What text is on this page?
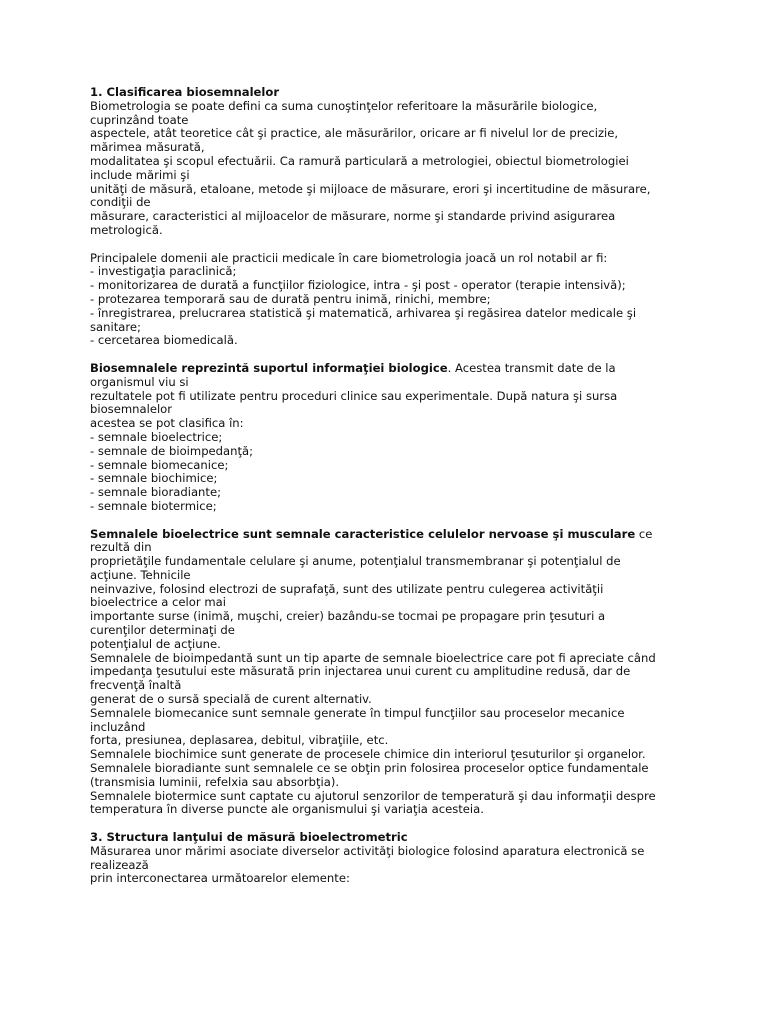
1. Clasificarea biosemnalelor
Biometrologia se poate defini ca suma cunoştinţelor referitoare la măsurările biologice,
cuprinzând toate
aspectele, atât teoretice cât şi practice, ale măsurărilor, oricare ar fi nivelul lor de precizie,
mărimea măsurată,
modalitatea şi scopul efectuării. Ca ramură particulară a metrologiei, obiectul biometrologiei
include mărimi şi
unităţi de măsură, etaloane, metode şi mijloace de măsurare, erori şi incertitudine de măsurare,
condiţii de
măsurare, caracteristici al mijloacelor de măsurare, norme şi standarde privind asigurarea
metrologică.
Principalele domenii ale practicii medicale în care biometrologia joacă un rol notabil ar fi:
- investigaţia paraclinică;
- monitorizarea de durată a funcţiilor fiziologice, intra - şi post - operator (terapie intensivă);
- protezarea temporară sau de durată pentru inimă, rinichi, membre;
- înregistrarea, prelucrarea statistică şi matematică, arhivarea şi regăsirea datelor medicale şi
sanitare;
- cercetarea biomedicală.
Biosemnalele reprezintă suportul informaţiei biologice. Acestea transmit date de la
organismul viu si
rezultatele pot fi utilizate pentru proceduri clinice sau experimentale. După natura şi sursa
biosemnalelor
acestea se pot clasifica în:
- semnale bioelectrice;
- semnale de bioimpedanţă;
- semnale biomecanice;
- semnale biochimice;
- semnale bioradiante;
- semnale biotermice;
Semnalele bioelectrice sunt semnale caracteristice celulelor nervoase şi musculare ce
rezultă din
proprietăţile fundamentale celulare şi anume, potenţialul transmembranar şi potenţialul de
acţiune. Tehnicile
neinvazive, folosind electrozi de suprafaţă, sunt des utilizate pentru culegerea activităţii
bioelectrice a celor mai
importante surse (inimă, muşchi, creier) bazându-se tocmai pe propagare prin ţesuturi a
curenţilor determinaţi de
potenţialul de acţiune.
Semnalele de bioimpedantă sunt un tip aparte de semnale bioelectrice care pot fi apreciate când
impedanţa ţesutului este măsurată prin injectarea unui curent cu amplitudine redusă, dar de
frecvenţă înaltă
generat de o sursă specială de curent alternativ.
Semnalele biomecanice sunt semnale generate în timpul funcţiilor sau proceselor mecanice
incluzând
forta, presiunea, deplasarea, debitul, vibraţiile, etc.
Semnalele biochimice sunt generate de procesele chimice din interiorul ţesuturilor şi organelor.
Semnalele bioradiante sunt semnalele ce se obţin prin folosirea proceselor optice fundamentale
(transmisia luminii, refelxia sau absorbţia).
Semnalele biotermice sunt captate cu ajutorul senzorilor de temperatură şi dau informaţii despre
temperatura în diverse puncte ale organismului şi variaţia acesteia.
3. Structura lanţului de măsură bioelectrometric
Măsurarea unor mărimi asociate diverselor activităţi biologice folosind aparatura electronică se
realizează
prin interconectarea următoarelor elemente:
